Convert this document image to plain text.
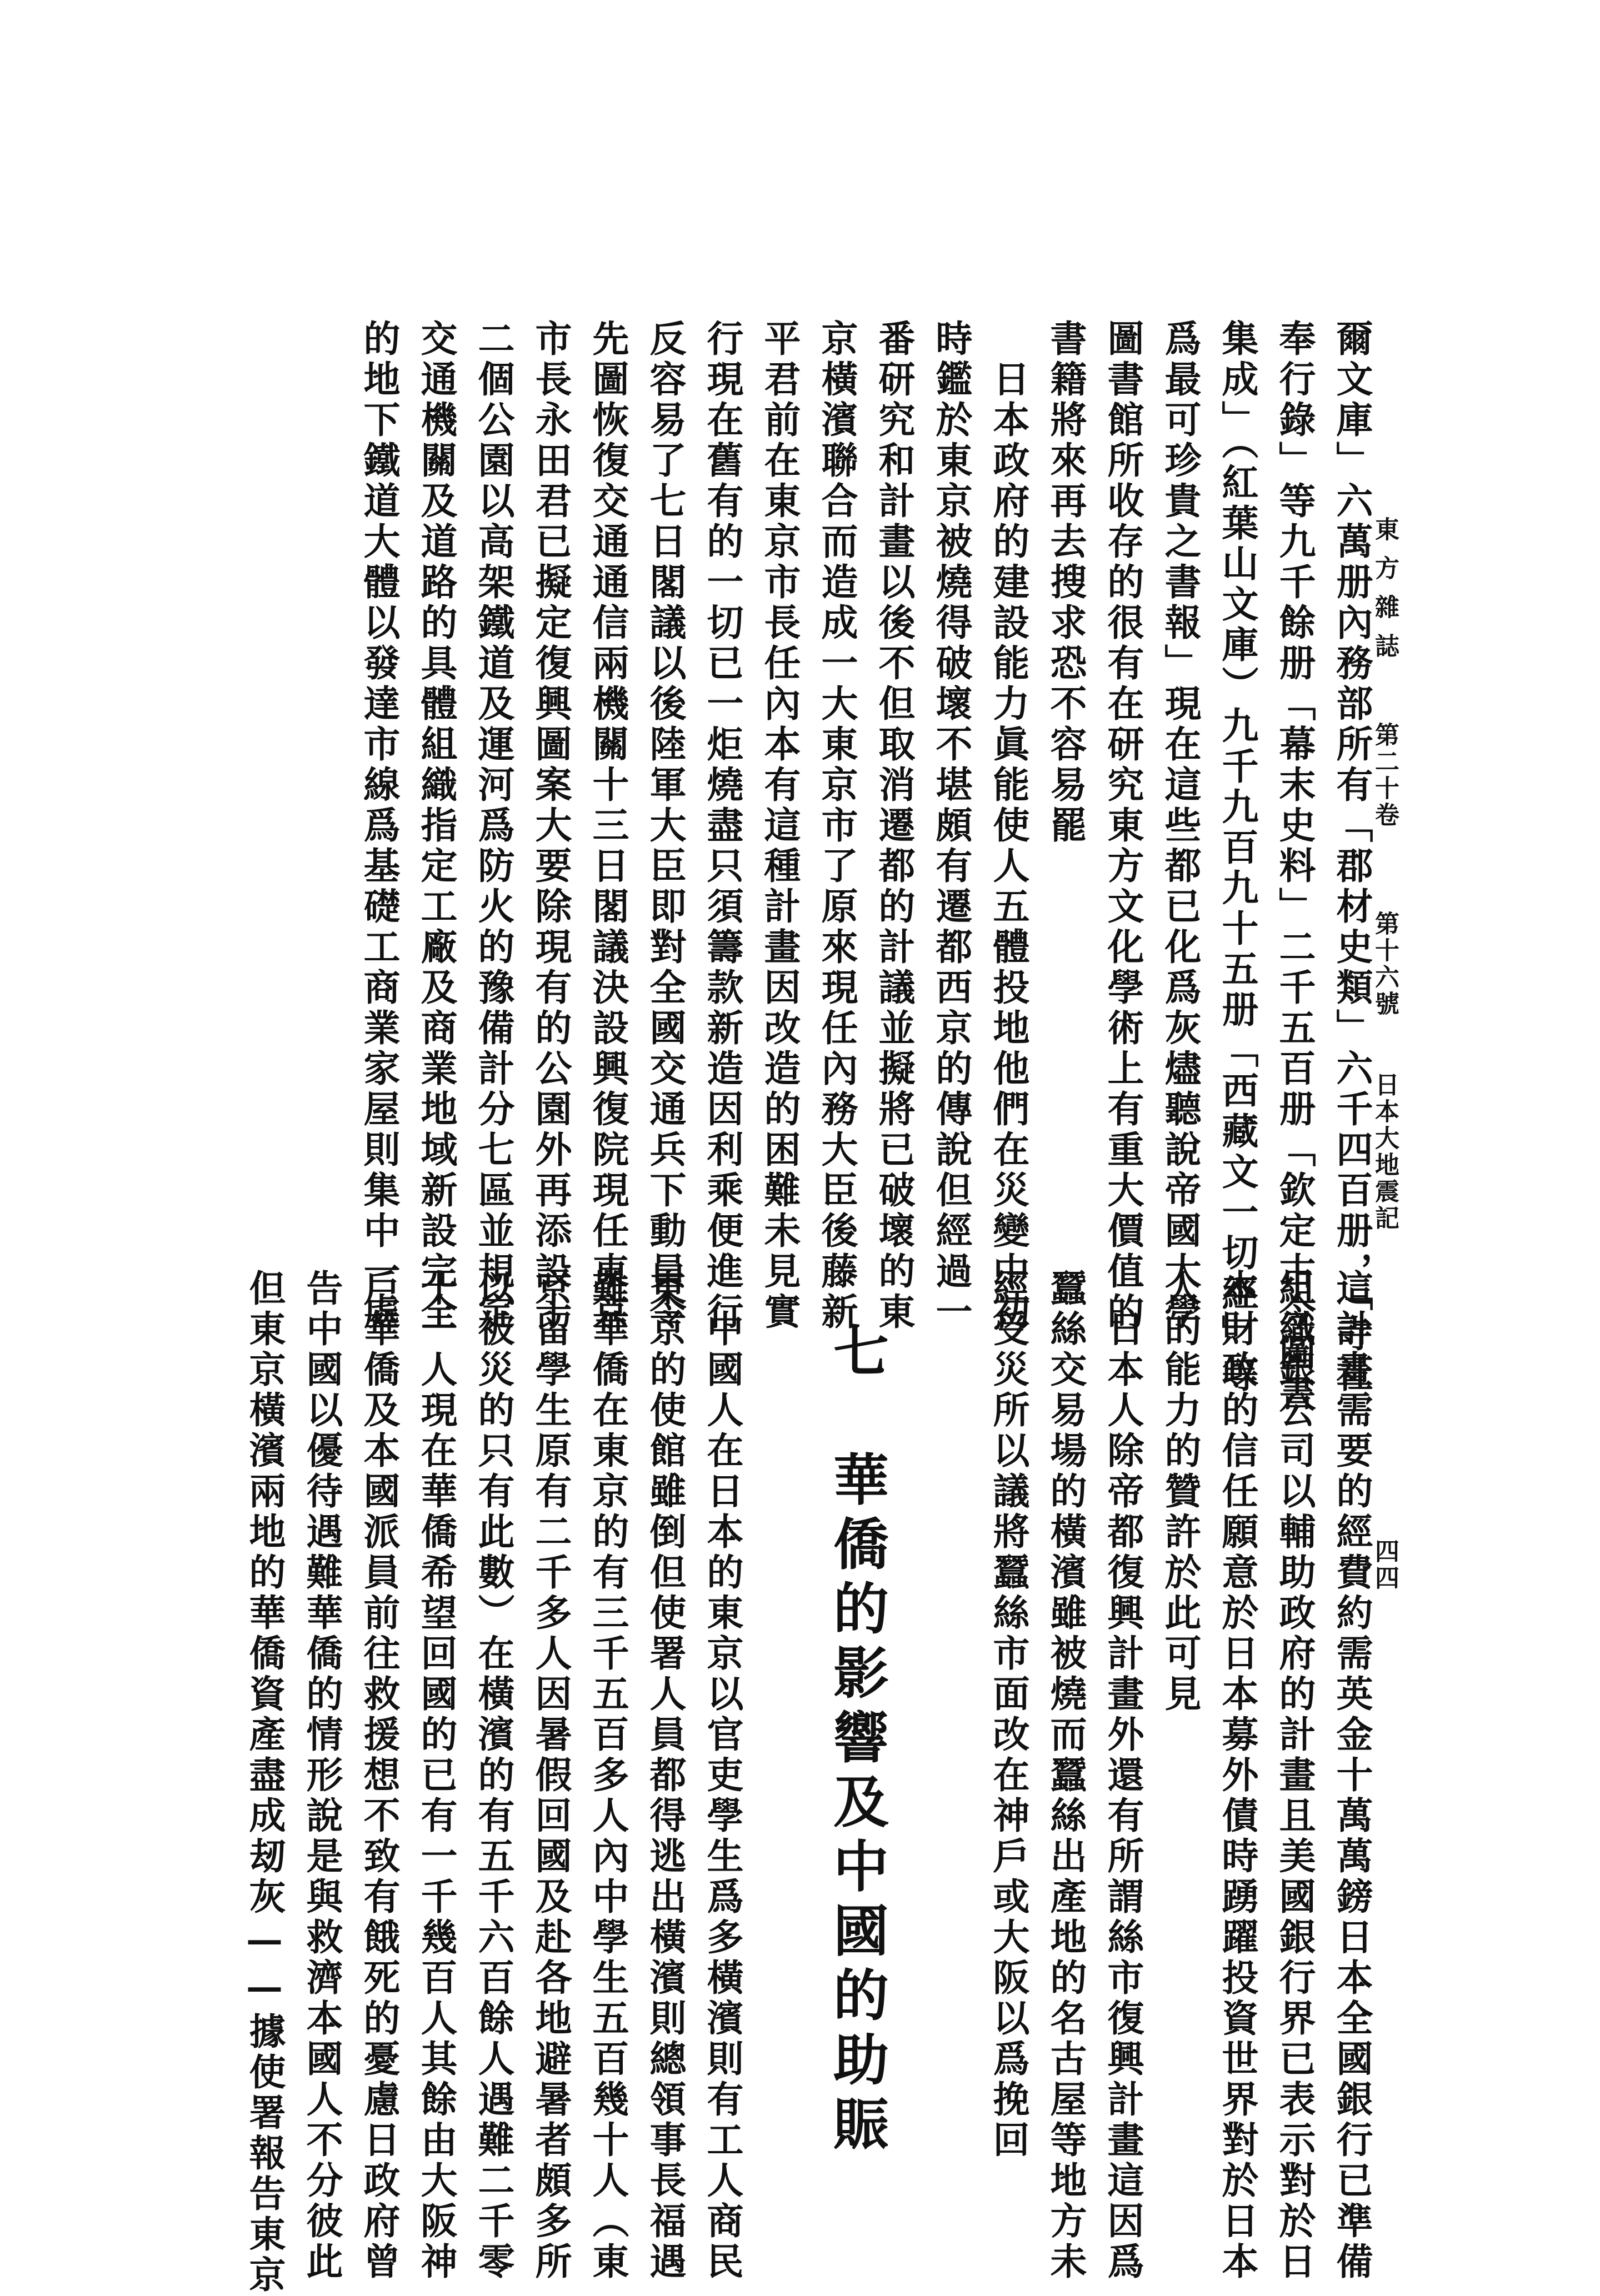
東方雜誌
第二十卷
第十六號
日本大地震記
四四
爾文庫」六萬册內務部所有「郡材史類」六千四百册，「寺社
奉行錄」等九千餘册「幕末史料」二千五百册「欽定古今圖書
集成」（紅葉山文庫）九千九百九十五册「西藏文一切經」等
爲最可珍貴之書報」現在這些都已化爲灰燼聽說帝國大學
圖書館所收存的很有在研究東方文化學術上有重大價值的
書籍將來再去搜求恐不容易罷
日本政府的建設能力眞能使人五體投地他們在災變中初
時鑑於東京被燒得破壞不堪頗有遷都西京的傳說但經過一
番研究和計畫以後不但取消遷都的計議並擬將已破壞的東
京橫濱聯合而造成一大東京市了原來現任內務大臣後藤新
平君前在東京市長任內本有這種計畫因改造的困難未見實
行現在舊有的一切已一炬燒盡只須籌款新造因利乘便進行
反容易了七日閣議以後陸軍大臣即對全國交通兵下動員令
先圖恢復交通通信兩機關十三日閣議決設興復院現任東京
市長永田君已擬定復興圖案大要除現有的公園外再添設十
二個公園以高架鐵道及運河爲防火的豫備計分七區並規定
交通機關及道路的具體組織指定工廠及商業地域新設完全
的地下鐵道大體以發達市線爲基礎工商業家屋則集中一處
這計畫需要的經費約需英金十萬萬鎊日本全國銀行已準備
組織銀公司以輔助政府的計畫且美國銀行界已表示對於日
本財政的信任願意於日本募外債時踴躍投資世界對於日本
人的能力的贊許於此可見
日本人除帝都復興計畫外還有所謂絲市復興計畫這因爲
蠶絲交易場的橫濱雖被燒而蠶絲出產地的名古屋等地方未
經受災所以議將蠶絲市面改在神戶或大阪以爲挽回
七　華僑的影響及中國的助賑
中國人在日本的東京以官吏學生爲多橫濱則有工人商民
東京的使館雖倒但使署人員都得逃出橫濱則總領事長福遇
難華僑在東京的有三千五百多人內中學生五百幾十人（東
京留學生原有二千多人因暑假回國及赴各地避暑者頗多所
以被災的只有此數）在橫濱的有五千六百餘人遇難二千零
十一人現在華僑希望回國的已有一千幾百人其餘由大阪神
戶華僑及本國派員前往救援想不致有餓死的憂慮日政府曾
告中國以優待遇難華僑的情形說是與救濟本國人不分彼此
但東京橫濱兩地的華僑資產盡成刼灰——據使署報告東京
